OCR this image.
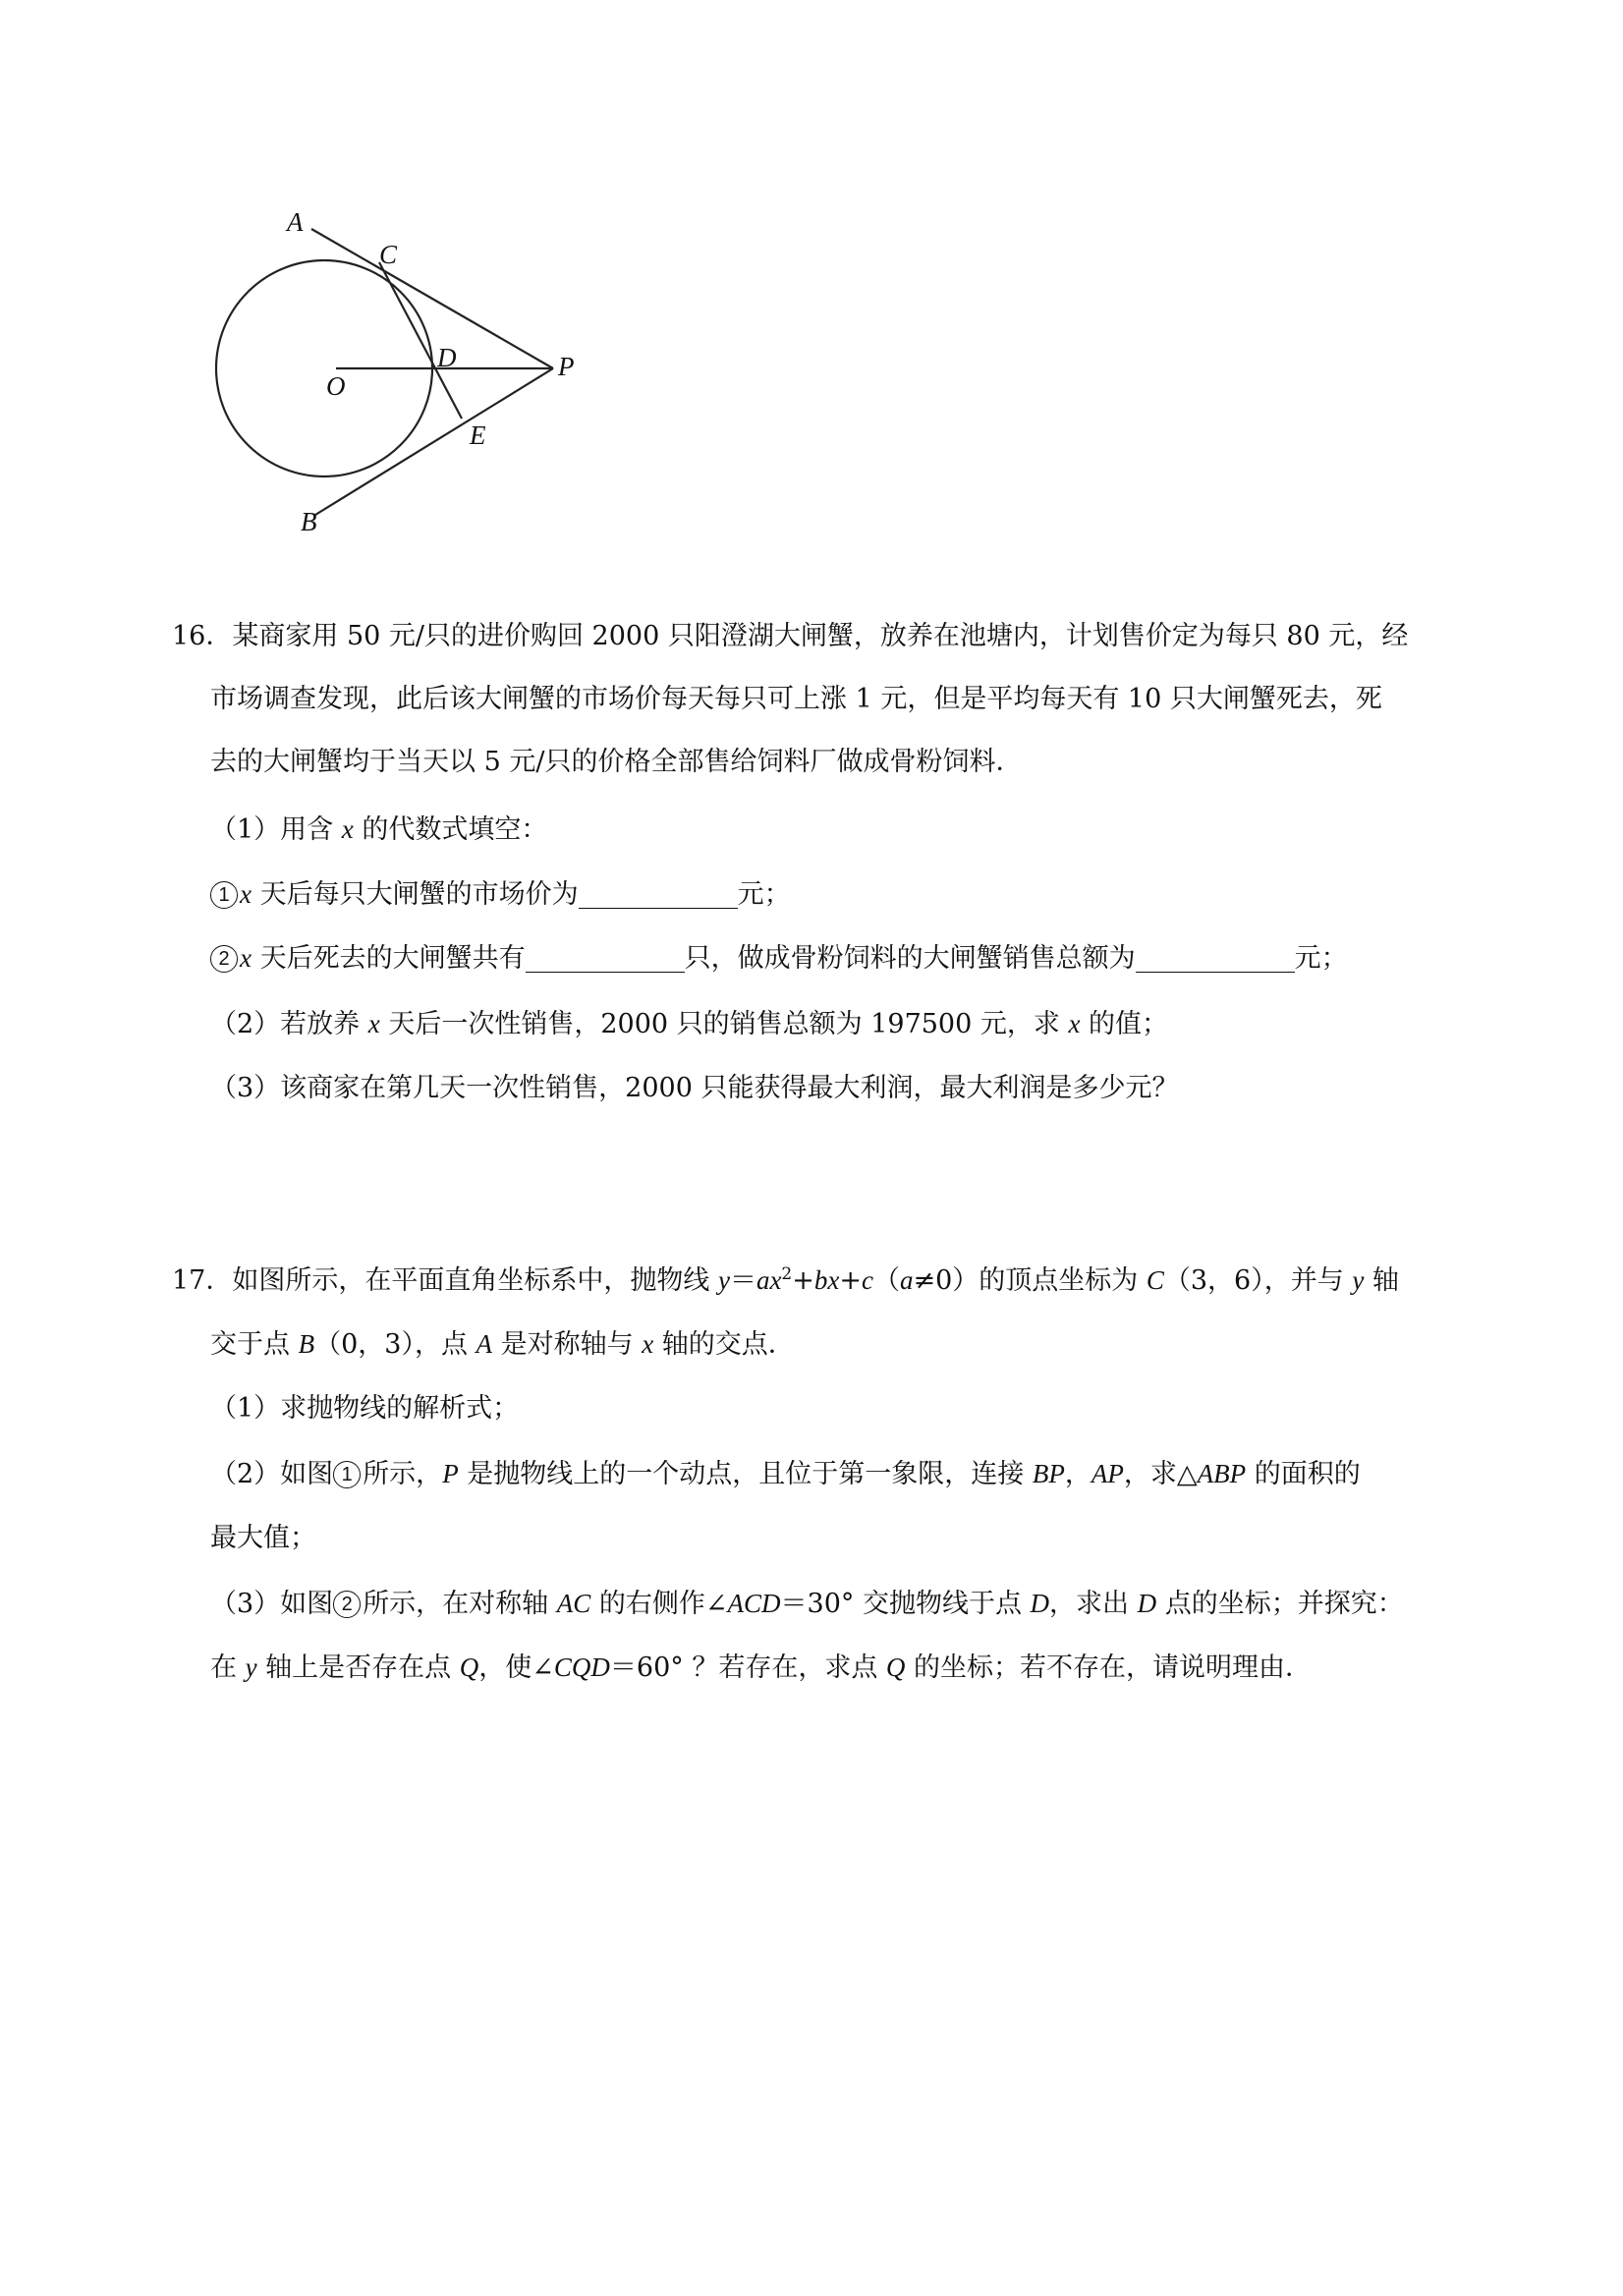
A
C
D
O
P
E
B
16．某商家用 50 元/只的进价购回 2000 只阳澄湖大闸蟹，放养在池塘内，计划售价定为每只 80 元，经
市场调查发现，此后该大闸蟹的市场价每天每只可上涨 1 元，但是平均每天有 10 只大闸蟹死去，死
去的大闸蟹均于当天以 5 元/只的价格全部售给饲料厂做成骨粉饲料．
（1）用含 x 的代数式填空：
1 x 天后每只大闸蟹的市场价为	元；
2 x 天后死去的大闸蟹共有	只，做成骨粉饲料的大闸蟹销售总额为	元；
（2）若放养 x 天后一次性销售，2000 只的销售总额为 197500 元，求 x 的值；
（3）该商家在第几天一次性销售，2000 只能获得最大利润，最大利润是多少元？
17．如图所示，在平面直角坐标系中，抛物线 $y=ax^2+bx+c(a\ne 0)$的顶点坐标为 C（3，6），并与 y 轴
交于点 B（0，3），点 A 是对称轴与 x 轴的交点．
（1）求抛物线的解析式；
（2）如图 1 所示，P 是抛物线上的一个动点，且位于第一象限，连接 BP，AP，求△ABP 的面积的
最大值；
（3）如图 2 所示，在对称轴 AC 的右侧作∠ACD＝30° 交抛物线于点 D，求出 D 点的坐标；并探究：
在 y 轴上是否存在点 Q，使∠CQD＝60° ？若存在，求点 Q 的坐标；若不存在，请说明理由．
